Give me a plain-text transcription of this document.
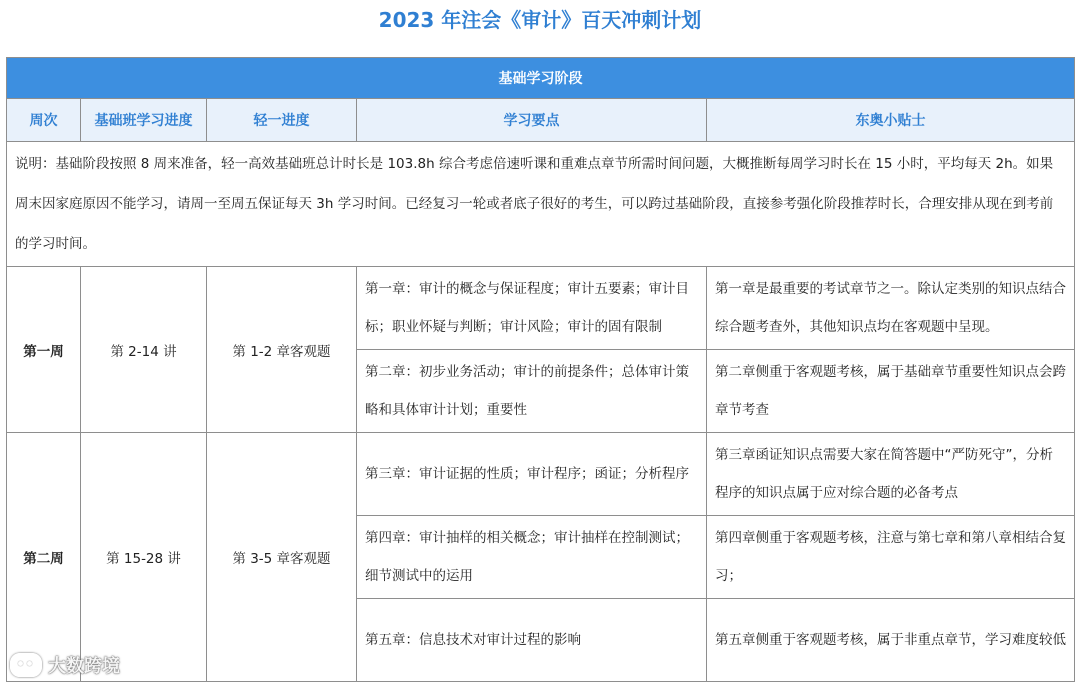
2023 年注会《审计》百天冲刺计划
基础学习阶段				
周次	基础班学习进度	轻一进度	学习要点	东奥小贴士
说明：基础阶段按照 8 周来准备，轻一高效基础班总计时长是 103.8h 综合考虑倍速听课和重难点章节所需时间问题，大概推断每周学习时长在 15 小时，平均每天 2h。如果周末因家庭原因不能学习，请周一至周五保证每天 3h 学习时间。已经复习一轮或者底子很好的考生，可以跨过基础阶段，直接参考强化阶段推荐时长，合理安排从现在到考前的学习时间。				
第一周	第 2-14 讲	第 1-2 章客观题	第一章：审计的概念与保证程度；审计五要素；审计目标；职业怀疑与判断；审计风险；审计的固有限制	第一章是最重要的考试章节之一。除认定类别的知识点结合综合题考查外，其他知识点均在客观题中呈现。
			第二章：初步业务活动；审计的前提条件；总体审计策略和具体审计计划；重要性	第二章侧重于客观题考核，属于基础章节重要性知识点会跨章节考查
第二周	第 15-28 讲	第 3-5 章客观题	第三章：审计证据的性质；审计程序；函证；分析程序	第三章函证知识点需要大家在简答题中“严防死守”，分析程序的知识点属于应对综合题的必备考点
			第四章：审计抽样的相关概念；审计抽样在控制测试；细节测试中的运用	第四章侧重于客观题考核，注意与第七章和第八章相结合复习；
			第五章：信息技术对审计过程的影响	第五章侧重于客观题考核，属于非重点章节，学习难度较低
大数跨境
